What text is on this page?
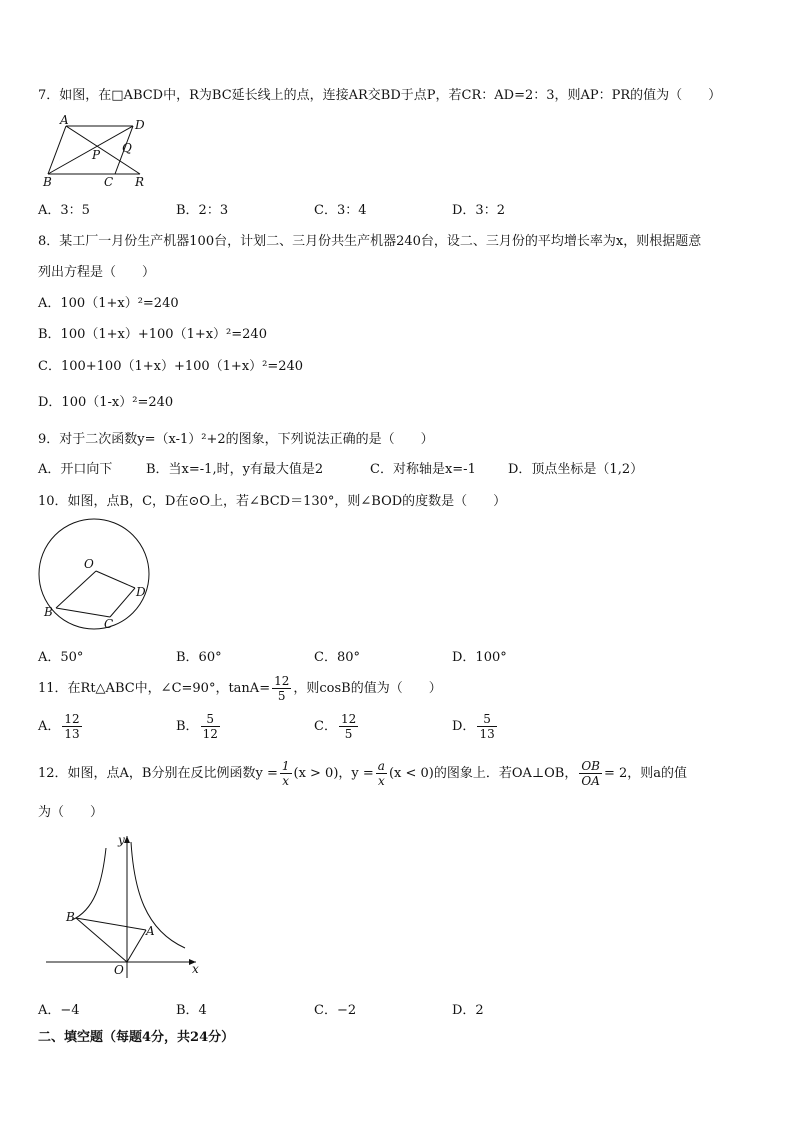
7．如图，在□ABCD中，R为BC延长线上的点，连接AR交BD于点P，若CR：AD=2：3，则AP：PR的值为（　　）
A	D
P Q
B	C R
A．3：5	B．2：3	C．3：4	D．3：2
8．某工厂一月份生产机器100台，计划二、三月份共生产机器240台，设二、三月份的平均增长率为x，则根据题意
列出方程是（　　）
A．100（1+x）²=240
B．100（1+x）+100（1+x）²=240
C．100+100（1+x）+100（1+x）²=240
D．100（1-x）²=240
9．对于二次函数y=（x-1）²+2的图象，下列说法正确的是（　　）
A．开口向下	B．当x=-1,时，y有最大值是2	C．对称轴是x=-1 D．顶点坐标是（1,2）
10．如图，点B，C，D在⊙O上，若∠BCD＝130°，则∠BOD的度数是（　　）
O
B
C
D
A．50°	B．60°	C．80°	D．100°
11．在Rt△ABC中，∠C=90°，$\tan A= \frac{12}{5}$ ，则cosB的值为（　　）
A． $\frac{12}{13}$	B． $\frac{5}{12}$	C． $\frac{12}{5}$	D． $\frac{5}{13}$
12．如图，点A，B分别在反比例函数$y = \frac{1}{x} (x > 0)$，$y = \frac{a}{x} (x < 0)$的图象上．若OA⊥OB， $\frac{OB}{OA} = 2$，则a的值
为（　　）
y
x
O
A
B
A．−4	B．4	C．−2	D．2
二、填空题（每题4分，共24分）
